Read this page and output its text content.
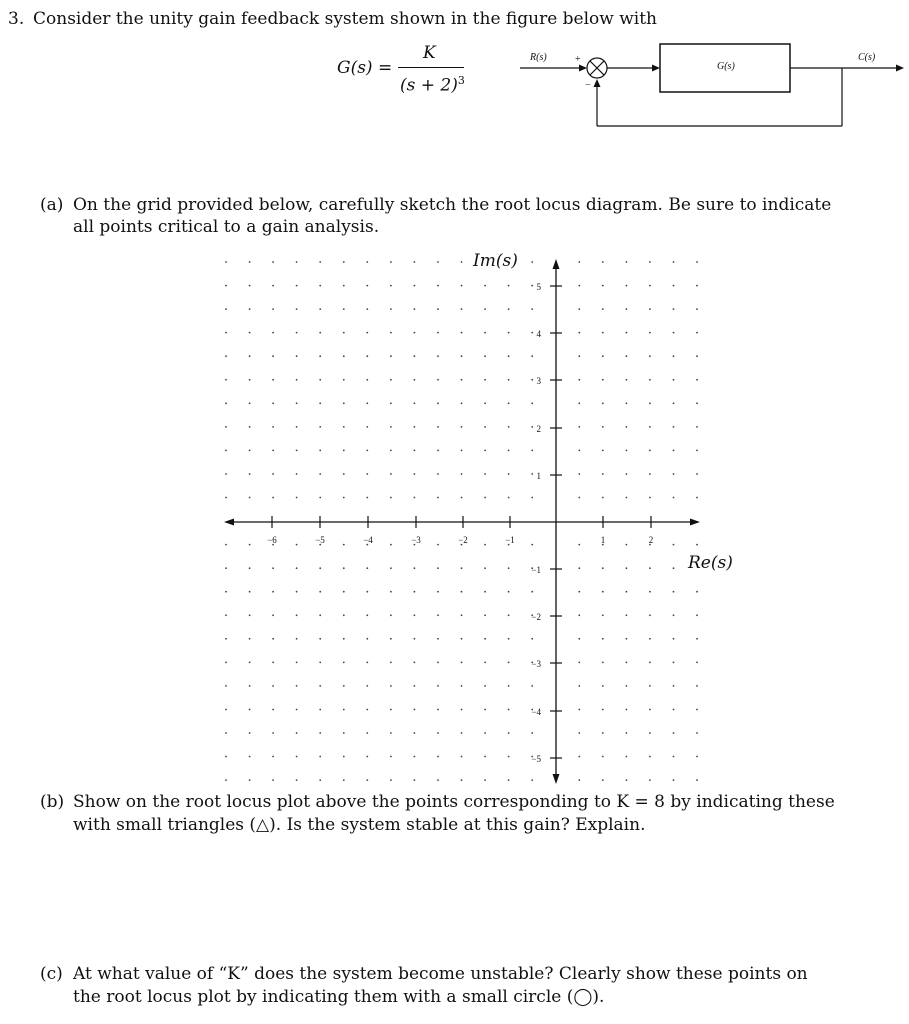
3. Consider the unity gain feedback system shown in the figure below with
G(s) =
K
$(s + 2)^3$
R(s)	+
−
G(s)
C(s)
(a) On the grid provided below, carefully sketch the root locus diagram. Be sure to indicate
all points critical to a gain analysis.
−6	−5	−4	−3	−2	−1	1	2
5
4
3
2
1
−1
−2
−3
−4
−5
Im(s)
Re(s)
(b) Show on the root locus plot above the points corresponding to K = 8 by indicating these
with small triangles (△). Is the system stable at this gain? Explain.
(c) At what value of “K” does the system become unstable? Clearly show these points on
the root locus plot by indicating them with a small circle (◯).
